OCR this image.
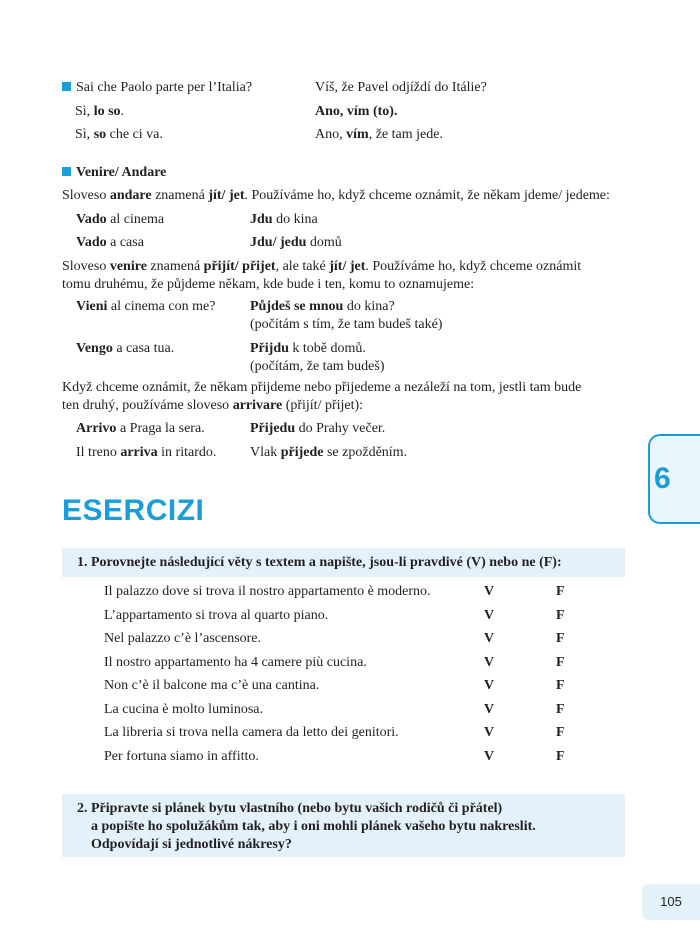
Sai che Paolo parte per l’Italia?	Víš, že Pavel odjíždí do Itálie?
Sì, lo so.	Ano, vím (to).
Sì, so che ci va.	Ano, vím, že tam jede.
Venire/ Andare
Sloveso andare znamená jít/ jet. Používáme ho, když chceme oznámit, že někam jdeme/ jedeme:
Vado al cinema	Jdu do kina
Vado a casa	Jdu/ jedu domů
Sloveso venire znamená přijít/ přijet, ale také jít/ jet. Používáme ho, když chceme oznámit
tomu druhému, že půjdeme někam, kde bude i ten, komu to oznamujeme:
Vieni al cinema con me? Půjdeš se mnou do kina?
(počítám s tím, že tam budeš také)
Vengo a casa tua.	Přijdu k tobě domů.
(počítám, že tam budeš)
Když chceme oznámit, že někam přijdeme nebo přijedeme a nezáleží na tom, jestli tam bude
ten druhý, používáme sloveso arrivare (přijít/ přijet):
Arrivo a Praga la sera.	Přijedu do Prahy večer.
Il treno arriva in ritardo. Vlak přijede se zpožděním.
6
ESERCIZI
1. Porovnejte následující věty s textem a napište, jsou-li pravdivé (V) nebo ne (F):
Il palazzo dove si trova il nostro appartamento è moderno.	V	F
L’appartamento si trova al quarto piano.	V	F
Nel palazzo c’è l’ascensore.	V	F
Il nostro appartamento ha 4 camere più cucina.	V	F
Non c’è il balcone ma c’è una cantina.	V	F
La cucina è molto luminosa.	V	F
La libreria si trova nella camera da letto dei genitori.	V	F
Per fortuna siamo in affitto.	V	F
2. Připravte si plánek bytu vlastního (nebo bytu vašich rodičů či přátel)
a popište ho spolužákům tak, aby i oni mohli plánek vašeho bytu nakreslit.
Odpovídají si jednotlivé nákresy?
105
